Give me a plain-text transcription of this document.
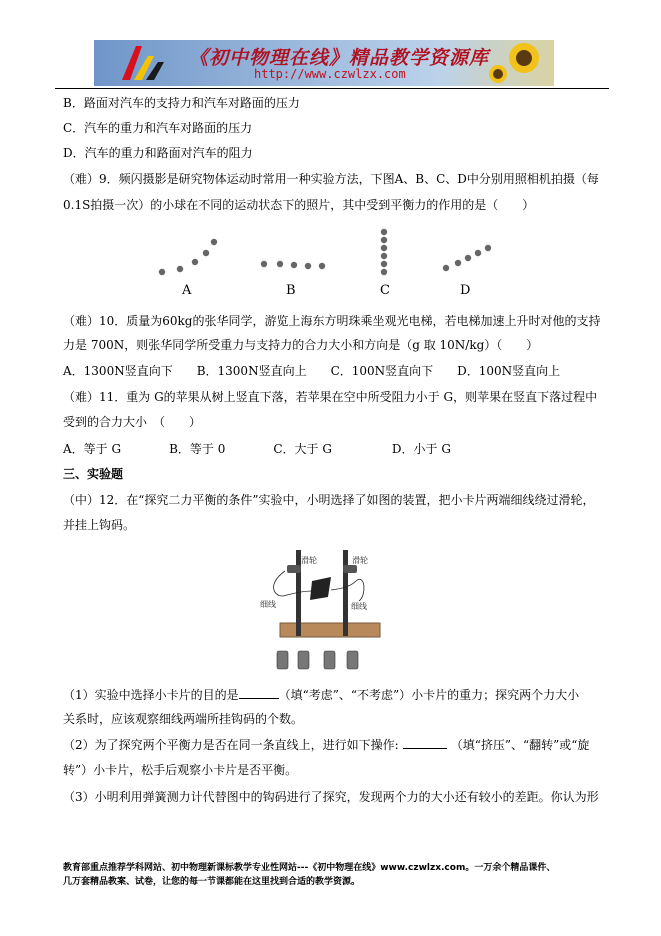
《初中物理在线》精品教学资源库
http://www.czwlzx.com
B．路面对汽车的支持力和汽车对路面的压力
C．汽车的重力和汽车对路面的压力
D．汽车的重力和路面对汽车的阻力
（难）9．频闪摄影是研究物体运动时常用一种实验方法，下图A、B、C、D中分别用照相机拍摄（每
0.1S拍摄一次）的小球在不同的运动状态下的照片，其中受到平衡力的作用的是（　　）
A	B	C	D
（难）10．质量为60kg的张华同学，游览上海东方明珠乘坐观光电梯，若电梯加速上升时对他的支持
力是 700N，则张华同学所受重力与支持力的合力大小和方向是（g 取 10N/kg）（　　）
A．1300N竖直向下　　B．1300N竖直向上　　C．100N竖直向下　　D．100N竖直向上
（难）11．重为 G的苹果从树上竖直下落，若苹果在空中所受阻力小于 G，则苹果在竖直下落过程中
受到的合力大小　（　　）
A．等于 G　　　　B．等于 0　　　　C．大于 G　　　　　D．小于 G
三、实验题
（中）12．在“探究二力平衡的条件”实验中，小明选择了如图的装置，把小卡片两端细线绕过滑轮，
并挂上钩码。
滑轮	滑轮
细线	细线
（1）实验中选择小卡片的目的是	（填“考虑”、“不考虑”）小卡片的重力；探究两个力大小
关系时，应该观察细线两端所挂钩码的个数。
（2）为了探究两个平衡力是否在同一条直线上，进行如下操作:	（填“挤压”、“翻转”或“旋
转”）小卡片，松手后观察小卡片是否平衡。
（3）小明利用弹簧测力计代替图中的钩码进行了探究，发现两个力的大小还有较小的差距。你认为形
教育部重点推荐学科网站、初中物理新课标教学专业性网站---《初中物理在线》www.czwlzx.com。一万余个精品课件、
几万套精品教案、试卷，让您的每一节课都能在这里找到合适的教学资源。
